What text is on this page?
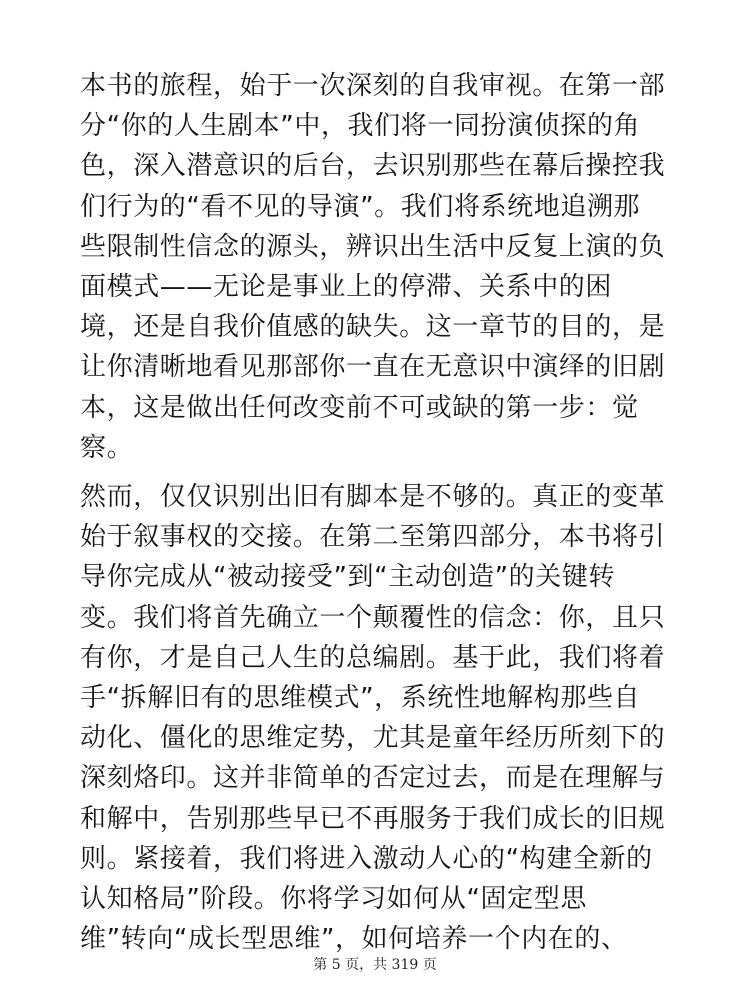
本书的旅程，始于一次深刻的自我审视。在第一部
分“你的人生剧本”中，我们将一同扮演侦探的角
色，深入潜意识的后台，去识别那些在幕后操控我
们行为的“看不见的导演”。我们将系统地追溯那
些限制性信念的源头，辨识出生活中反复上演的负
面模式——无论是事业上的停滞、关系中的困
境，还是自我价值感的缺失。这一章节的目的，是
让你清晰地看见那部你一直在无意识中演绎的旧剧
本，这是做出任何改变前不可或缺的第一步：觉
察。
然而，仅仅识别出旧有脚本是不够的。真正的变革
始于叙事权的交接。在第二至第四部分，本书将引
导你完成从“被动接受”到“主动创造”的关键转
变。我们将首先确立一个颠覆性的信念：你，且只
有你，才是自己人生的总编剧。基于此，我们将着
手“拆解旧有的思维模式”，系统性地解构那些自
动化、僵化的思维定势，尤其是童年经历所刻下的
深刻烙印。这并非简单的否定过去，而是在理解与
和解中，告别那些早已不再服务于我们成长的旧规
则。紧接着，我们将进入激动人心的“构建全新的
认知格局”阶段。你将学习如何从“固定型思
维”转向“成长型思维”，如何培养一个内在的、
第 5 页，共 319 页
